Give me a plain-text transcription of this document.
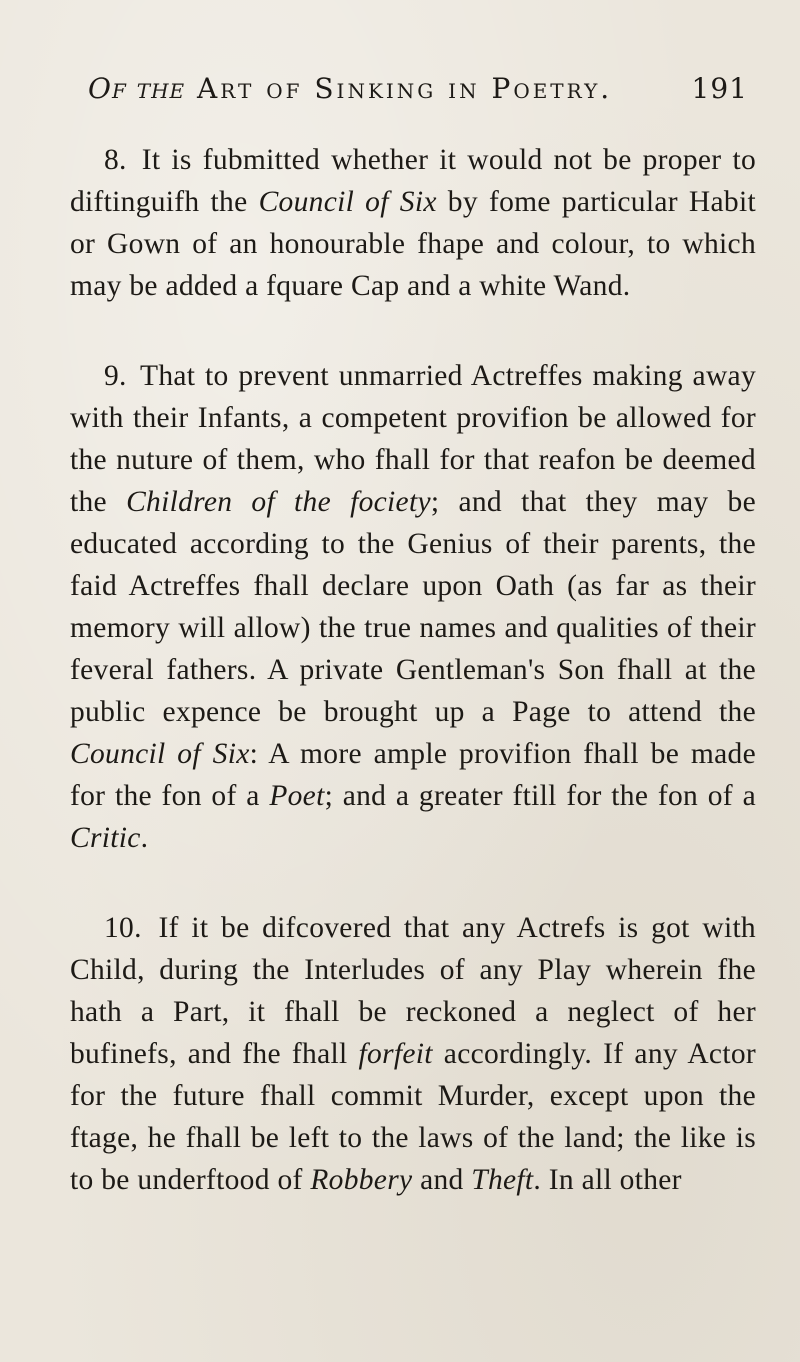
Of the Art of Sinking in Poetry.	191

8. It is fubmitted whether it would not be proper to diftinguifh the Council of Six by fome particular Habit or Gown of an honourable fhape and colour, to which may be added a fquare Cap and a white Wand.

9. That to prevent unmarried Actreffes making away with their Infants, a competent provifion be allowed for the nuture of them, who fhall for that reafon be deemed the Children of the fociety; and that they may be educated according to the Genius of their parents, the faid Actreffes fhall declare upon Oath (as far as their memory will allow) the true names and qualities of their feveral fathers. A private Gentleman's Son fhall at the public expence be brought up a Page to attend the Council of Six: A more ample provifion fhall be made for the fon of a Poet; and a greater ftill for the fon of a Critic.

10. If it be difcovered that any Actrefs is got with Child, during the Interludes of any Play wherein fhe hath a Part, it fhall be reckoned a neglect of her bufinefs, and fhe fhall forfeit accordingly. If any Actor for the future fhall commit Murder, except upon the ftage, he fhall be left to the laws of the land; the like is to be underftood of Robbery and Theft. In all other
